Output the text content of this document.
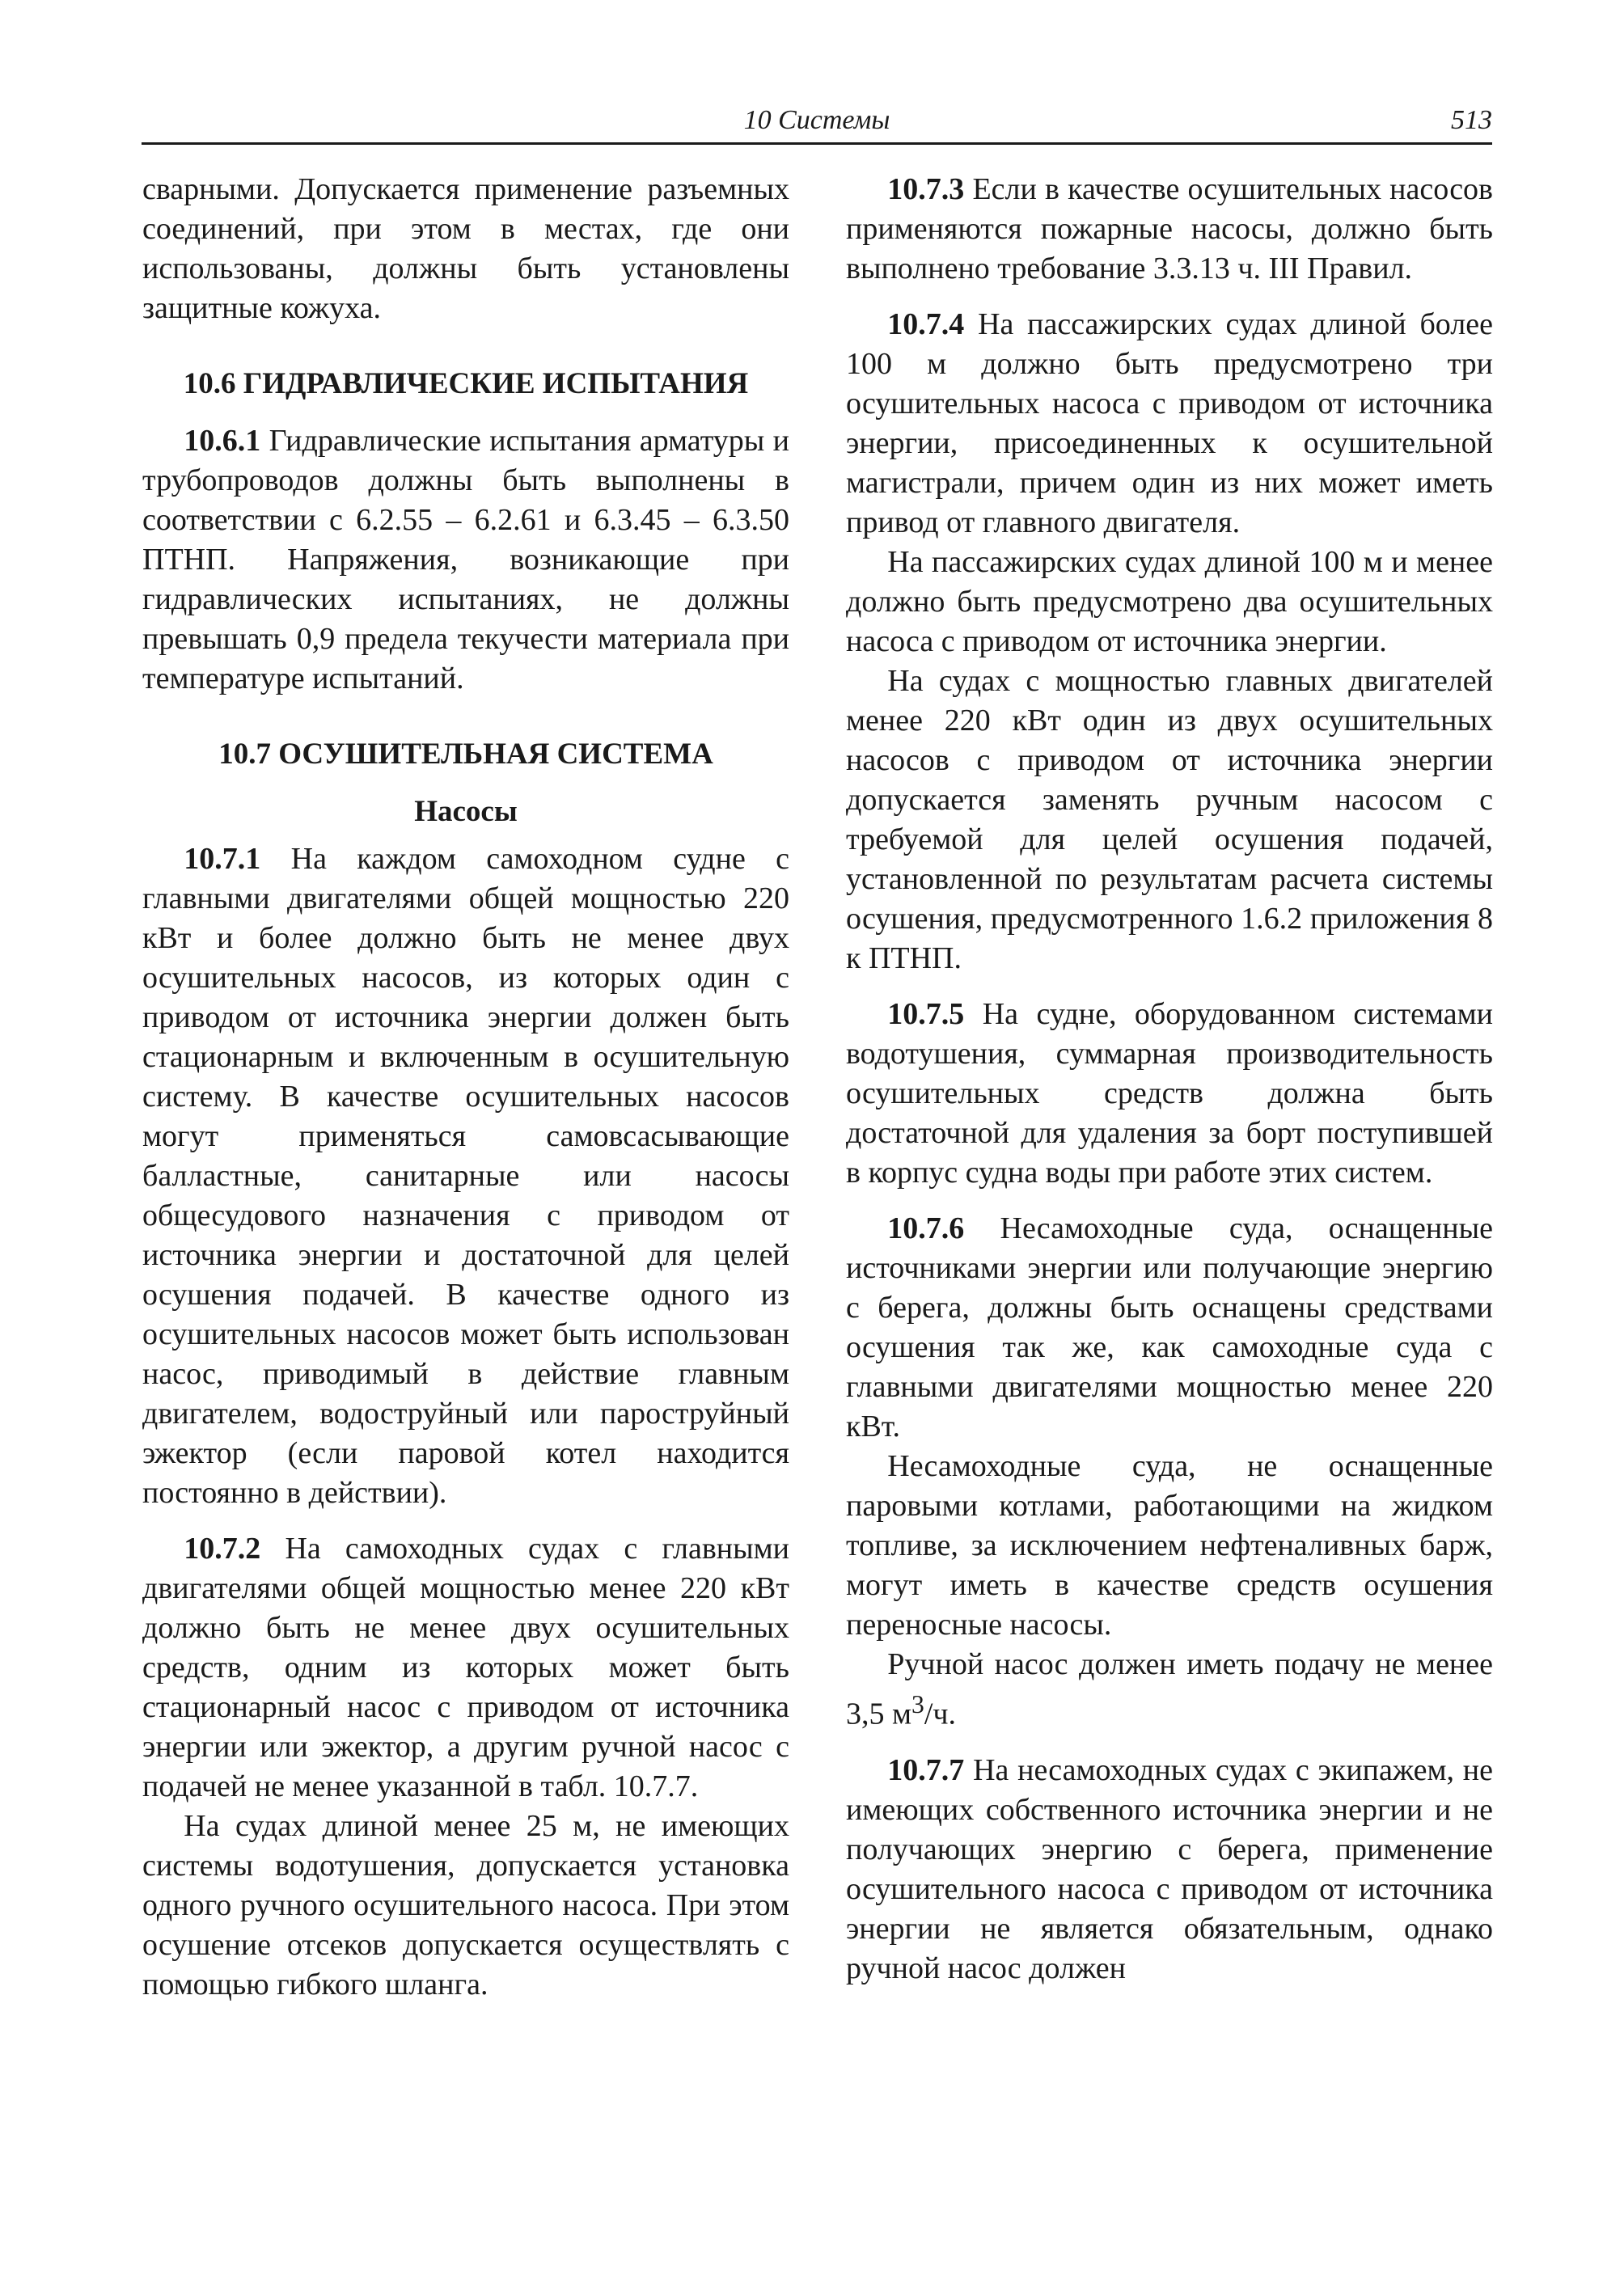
10 Системы	513

сварными. Допускается применение разъемных соединений, при этом в местах, где они использованы, должны быть установлены защитные кожуха.

10.6 ГИДРАВЛИЧЕСКИЕ ИСПЫТАНИЯ

10.6.1 Гидравлические испытания арматуры и трубопроводов должны быть выполнены в соответствии с 6.2.55 – 6.2.61 и 6.3.45 – 6.3.50 ПТНП. Напряжения, возникающие при гидравлических испытаниях, не должны превышать 0,9 предела текучести материала при температуре испытаний.

10.7 ОСУШИТЕЛЬНАЯ СИСТЕМА
Насосы

10.7.1 На каждом самоходном судне с главными двигателями общей мощностью 220 кВт и более должно быть не менее двух осушительных насосов, из которых один с приводом от источника энергии должен быть стационарным и включенным в осушительную систему. В качестве осушительных насосов могут применяться самовсасывающие балластные, санитарные или насосы общесудового назначения с приводом от источника энергии и достаточной для целей осушения подачей. В качестве одного из осушительных насосов может быть использован насос, приводимый в действие главным двигателем, водоструйный или пароструйный эжектор (если паровой котел находится постоянно в действии).

10.7.2 На самоходных судах с главными двигателями общей мощностью менее 220 кВт должно быть не менее двух осушительных средств, одним из которых может быть стационарный насос с приводом от источника энергии или эжектор, а другим ручной насос с подачей не менее указанной в табл. 10.7.7.

На судах длиной менее 25 м, не имеющих системы водотушения, допускается установка одного ручного осушительного насоса. При этом осушение отсеков допускается осуществлять с помощью гибкого шланга.

10.7.3 Если в качестве осушительных насосов применяются пожарные насосы, должно быть выполнено требование 3.3.13 ч. III Правил.

10.7.4 На пассажирских судах длиной более 100 м должно быть предусмотрено три осушительных насоса с приводом от источника энергии, присоединенных к осушительной магистрали, причем один из них может иметь привод от главного двигателя.

На пассажирских судах длиной 100 м и менее должно быть предусмотрено два осушительных насоса с приводом от источника энергии.

На судах с мощностью главных двигателей менее 220 кВт один из двух осушительных насосов с приводом от источника энергии допускается заменять ручным насосом с требуемой для целей осушения подачей, установленной по результатам расчета системы осушения, предусмотренного 1.6.2 приложения 8 к ПТНП.

10.7.5 На судне, оборудованном системами водотушения, суммарная производительность осушительных средств должна быть достаточной для удаления за борт поступившей в корпус судна воды при работе этих систем.

10.7.6 Несамоходные суда, оснащенные источниками энергии или получающие энергию с берега, должны быть оснащены средствами осушения так же, как самоходные суда с главными двигателями мощностью менее 220 кВт.

Несамоходные суда, не оснащенные паровыми котлами, работающими на жидком топливе, за исключением нефтеналивных барж, могут иметь в качестве средств осушения переносные насосы.

Ручной насос должен иметь подачу не менее 3,5 $м^3/ч$.

10.7.7 На несамоходных судах с экипажем, не имеющих собственного источника энергии и не получающих энергию с берега, применение осушительного насоса с приводом от источника энергии не является обязательным, однако ручной насос должен
